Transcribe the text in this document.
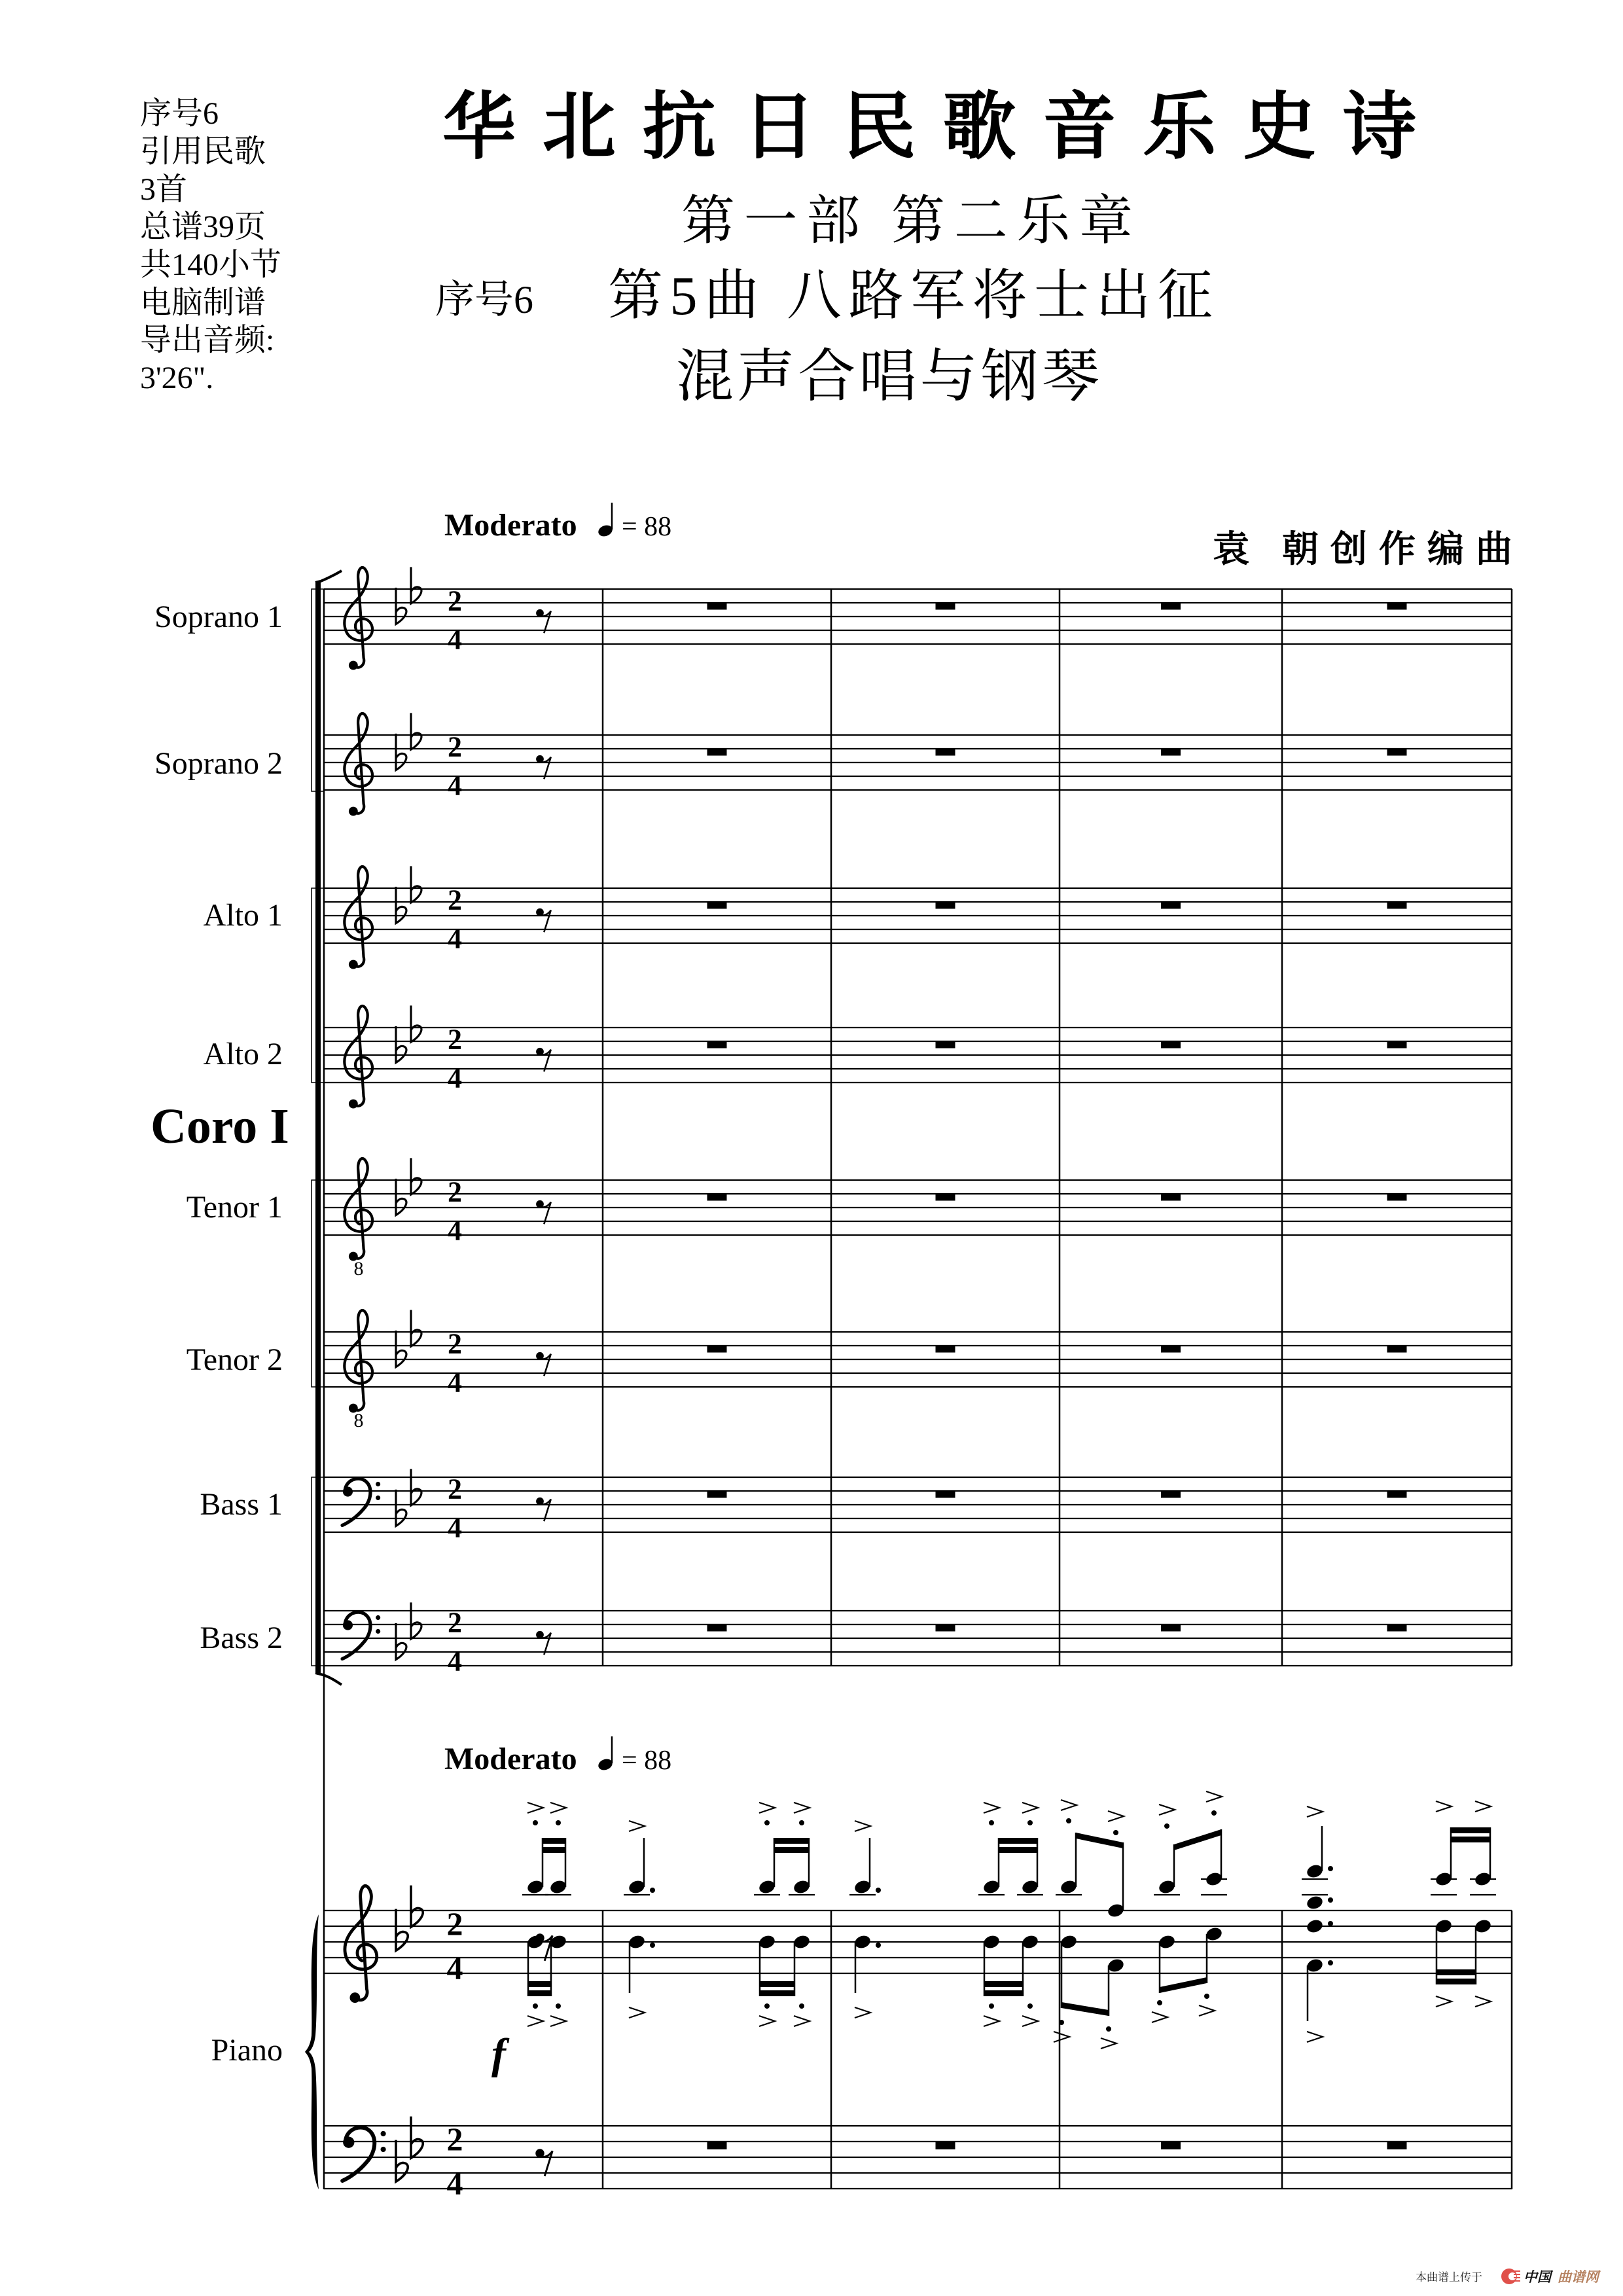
序号6
引用民歌
3首
总谱39页
共140小节
电脑制谱
导出音频:
3'26".
华北抗日民歌音乐史诗
第一部 第二乐章
序号6 第5曲 八路军将士出征
混声合唱与钢琴
袁 朝创作编曲
Moderato = 88
Moderato = 88
Soprano 1
Soprano 2
Alto 1
Alto 2
Tenor 1
Tenor 2
Bass 1
Bass 2
Piano
Coro I
f
2
4
2
4
2
4
2
4
8
2
4
8
2
4
2
4
2
4
2
4
2
4
本曲谱上传于	中国 曲谱网
